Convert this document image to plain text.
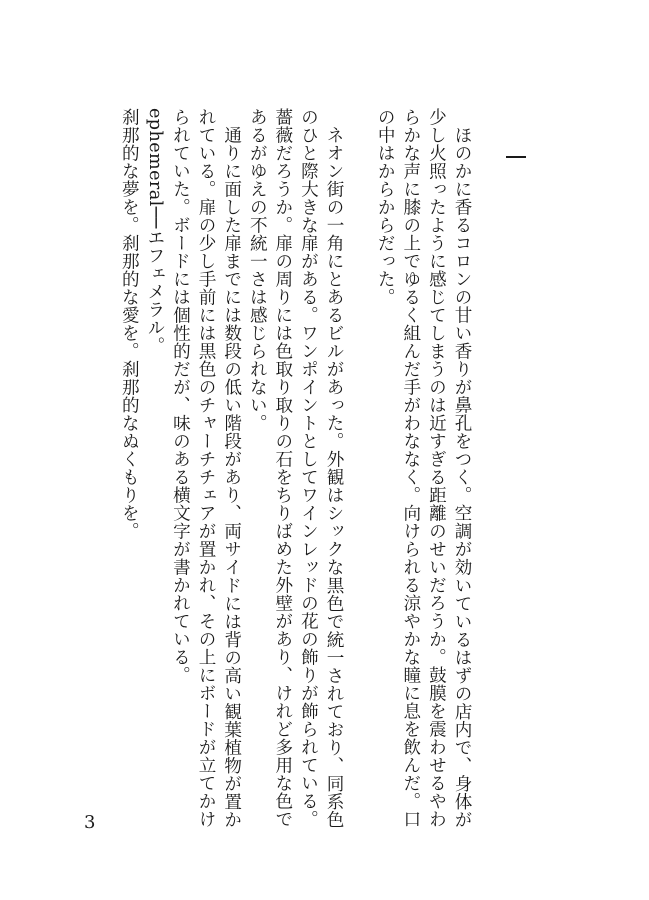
ほのかに香るコロンの甘い香りが鼻孔をつく。空調が効いているはずの店内で、身体が少し火照ったように感じてしまうのは近すぎる距離のせいだろうか。鼓膜を震わせるやわらかな声に膝の上でゆるく組んだ手がわななく。向けられる涼やかな瞳に息を飲んだ。口の中はからからだった。

ネオン街の一角にとあるビルがあった。外観はシックな黒色で統一されており、同系色のひと際大きな扉がある。ワンポイントとしてワインレッドの花の飾りが飾られている。薔薇だろうか。扉の周りには色取り取りの石をちりばめた外壁があり、けれど多用な色であるがゆえの不統一さは感じられない。

通りに面した扉までには数段の低い階段があり、両サイドには背の高い観葉植物が置かれている。扉の少し手前には黒色のチャーチチェアが置かれ、その上にボードが立てかけられていた。ボードには個性的だが、味のある横文字が書かれている。

ephemeral──エフェメラル。

刹那的な夢を。刹那的な愛を。刹那的なぬくもりを。

3
